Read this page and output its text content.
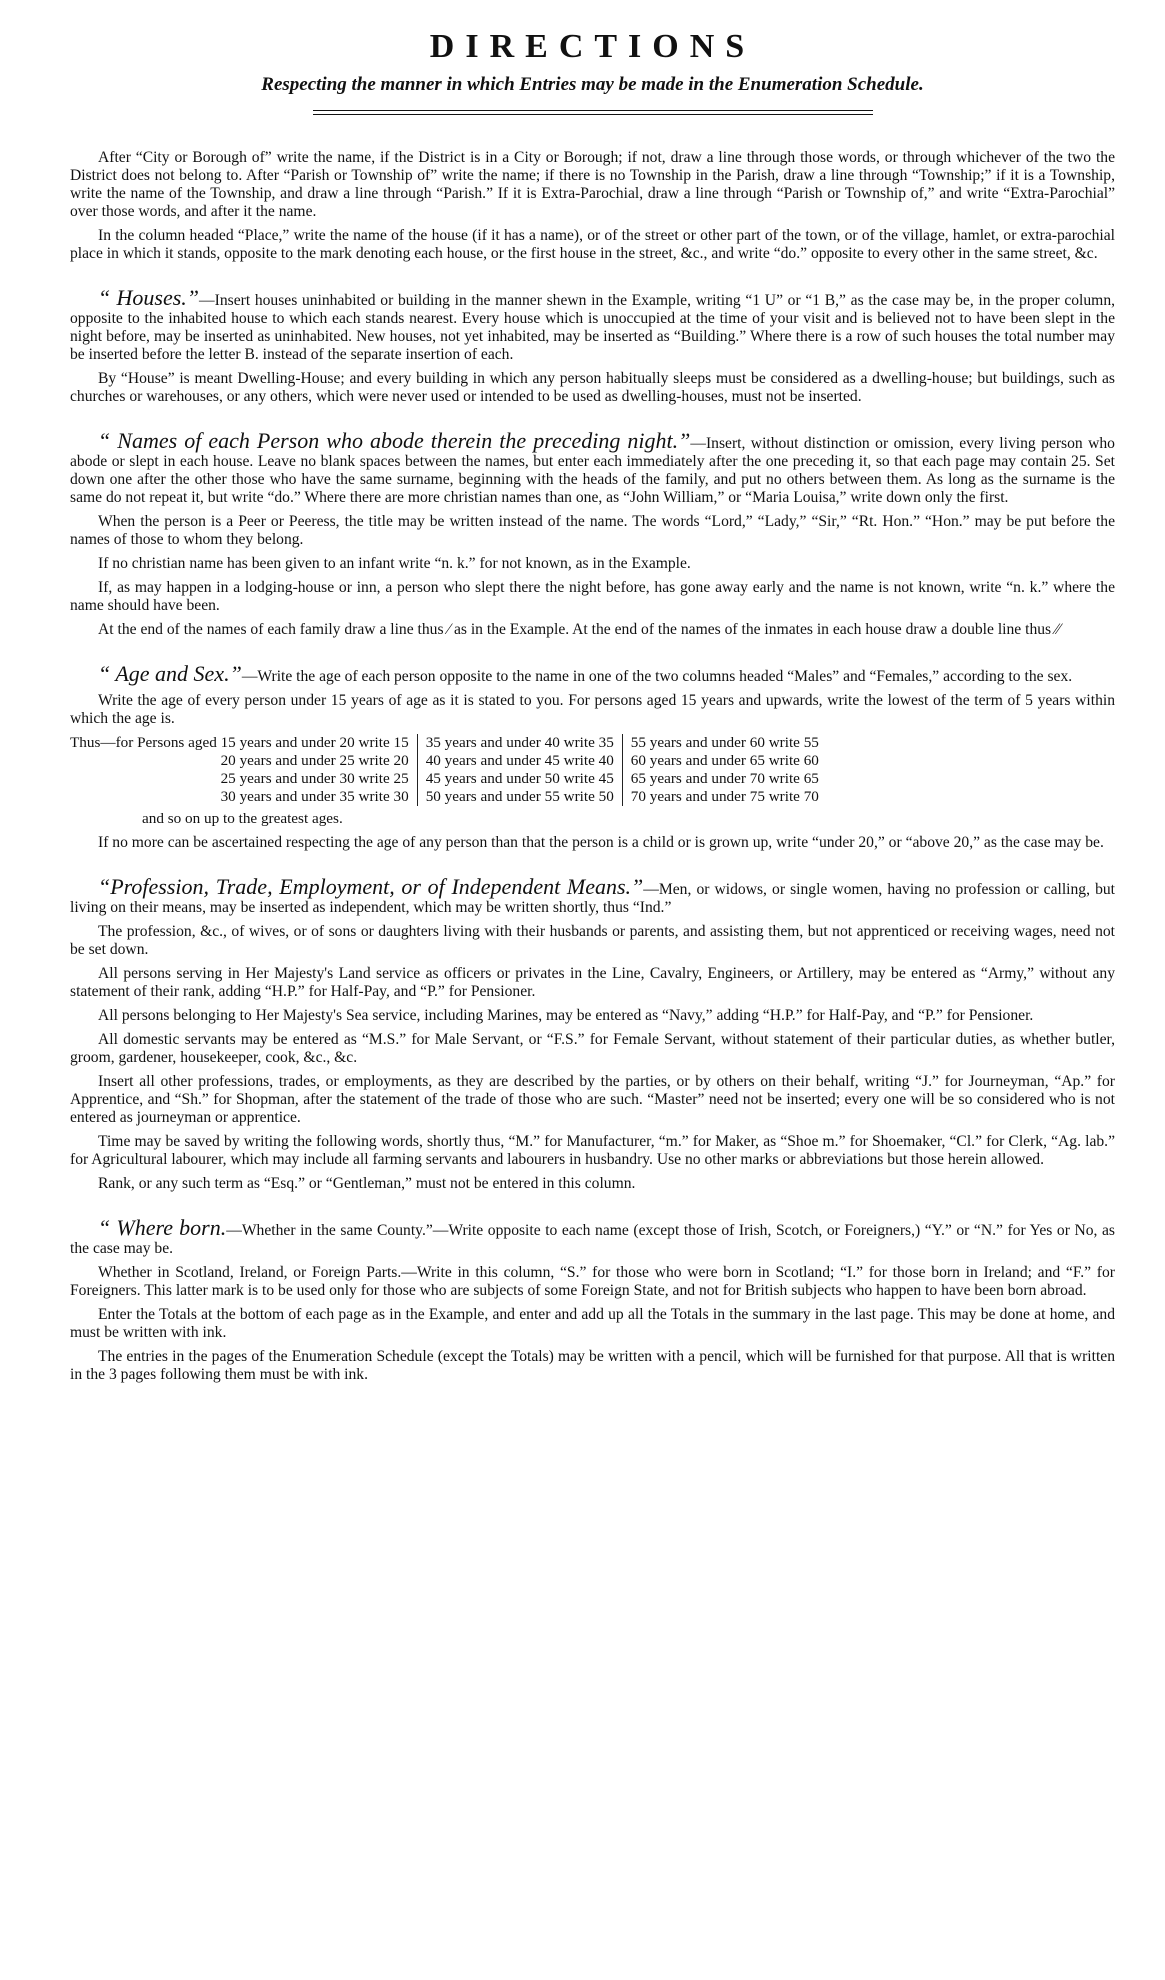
DIRECTIONS
Respecting the manner in which Entries may be made in the Enumeration Schedule.

After “City or Borough of” write the name, if the District is in a City or Borough; if not, draw a line through those words, or through whichever of the two the District does not belong to. After “Parish or Township of” write the name; if there is no Township in the Parish, draw a line through “Township;” if it is a Township, write the name of the Township, and draw a line through “Parish.” If it is Extra-Parochial, draw a line through “Parish or Township of,” and write “Extra-Parochial” over those words, and after it the name.

In the column headed “Place,” write the name of the house (if it has a name), or of the street or other part of the town, or of the village, hamlet, or extra-parochial place in which it stands, opposite to the mark denoting each house, or the first house in the street, &c., and write “do.” opposite to every other in the same street, &c.

“ Houses.”—Insert houses uninhabited or building in the manner shewn in the Example, writing “1 U” or “1 B,” as the case may be, in the proper column, opposite to the inhabited house to which each stands nearest. Every house which is unoccupied at the time of your visit and is believed not to have been slept in the night before, may be inserted as uninhabited. New houses, not yet inhabited, may be inserted as “Building.” Where there is a row of such houses the total number may be inserted before the letter B. instead of the separate insertion of each.

By “House” is meant Dwelling-House; and every building in which any person habitually sleeps must be considered as a dwelling-house; but buildings, such as churches or warehouses, or any others, which were never used or intended to be used as dwelling-houses, must not be inserted.

“ Names of each Person who abode therein the preceding night.”—Insert, without distinction or omission, every living person who abode or slept in each house. Leave no blank spaces between the names, but enter each immediately after the one preceding it, so that each page may contain 25. Set down one after the other those who have the same surname, beginning with the heads of the family, and put no others between them. As long as the surname is the same do not repeat it, but write “do.” Where there are more christian names than one, as “John William,” or “Maria Louisa,” write down only the first.

When the person is a Peer or Peeress, the title may be written instead of the name. The words “Lord,” “Lady,” “Sir,” “Rt. Hon.” “Hon.” may be put before the names of those to whom they belong.

If no christian name has been given to an infant write “n. k.” for not known, as in the Example.

If, as may happen in a lodging-house or inn, a person who slept there the night before, has gone away early and the name is not known, write “n. k.” where the name should have been.

At the end of the names of each family draw a line thus ⁄ as in the Example. At the end of the names of the inmates in each house draw a double line thus ⁄⁄

“ Age and Sex.”—Write the age of each person opposite to the name in one of the two columns headed “Males” and “Females,” according to the sex.

Write the age of every person under 15 years of age as it is stated to you. For persons aged 15 years and upwards, write the lowest of the term of 5 years within which the age is.

Thus—for Persons aged 15 years and under 20 write 15
20 years and under 25 write 20
25 years and under 30 write 25
30 years and under 35 write 30
35 years and under 40 write 35
40 years and under 45 write 40
45 years and under 50 write 45
50 years and under 55 write 50
55 years and under 60 write 55
60 years and under 65 write 60
65 years and under 70 write 65
70 years and under 75 write 70
and so on up to the greatest ages.

If no more can be ascertained respecting the age of any person than that the person is a child or is grown up, write “under 20,” or “above 20,” as the case may be.

“Profession, Trade, Employment, or of Independent Means.”—Men, or widows, or single women, having no profession or calling, but living on their means, may be inserted as independent, which may be written shortly, thus “Ind.”

The profession, &c., of wives, or of sons or daughters living with their husbands or parents, and assisting them, but not apprenticed or receiving wages, need not be set down.

All persons serving in Her Majesty's Land service as officers or privates in the Line, Cavalry, Engineers, or Artillery, may be entered as “Army,” without any statement of their rank, adding “H.P.” for Half-Pay, and “P.” for Pensioner.

All persons belonging to Her Majesty's Sea service, including Marines, may be entered as “Navy,” adding “H.P.” for Half-Pay, and “P.” for Pensioner.

All domestic servants may be entered as “M.S.” for Male Servant, or “F.S.” for Female Servant, without statement of their particular duties, as whether butler, groom, gardener, housekeeper, cook, &c., &c.

Insert all other professions, trades, or employments, as they are described by the parties, or by others on their behalf, writing “J.” for Journeyman, “Ap.” for Apprentice, and “Sh.” for Shopman, after the statement of the trade of those who are such. “Master” need not be inserted; every one will be so considered who is not entered as journeyman or apprentice.

Time may be saved by writing the following words, shortly thus, “M.” for Manufacturer, “m.” for Maker, as “Shoe m.” for Shoemaker, “Cl.” for Clerk, “Ag. lab.” for Agricultural labourer, which may include all farming servants and labourers in husbandry. Use no other marks or abbreviations but those herein allowed.

Rank, or any such term as “Esq.” or “Gentleman,” must not be entered in this column.

“ Where born.—Whether in the same County.”—Write opposite to each name (except those of Irish, Scotch, or Foreigners,) “Y.” or “N.” for Yes or No, as the case may be.

Whether in Scotland, Ireland, or Foreign Parts.—Write in this column, “S.” for those who were born in Scotland; “I.” for those born in Ireland; and “F.” for Foreigners. This latter mark is to be used only for those who are subjects of some Foreign State, and not for British subjects who happen to have been born abroad.

Enter the Totals at the bottom of each page as in the Example, and enter and add up all the Totals in the summary in the last page. This may be done at home, and must be written with ink.

The entries in the pages of the Enumeration Schedule (except the Totals) may be written with a pencil, which will be furnished for that purpose. All that is written in the 3 pages following them must be with ink.
